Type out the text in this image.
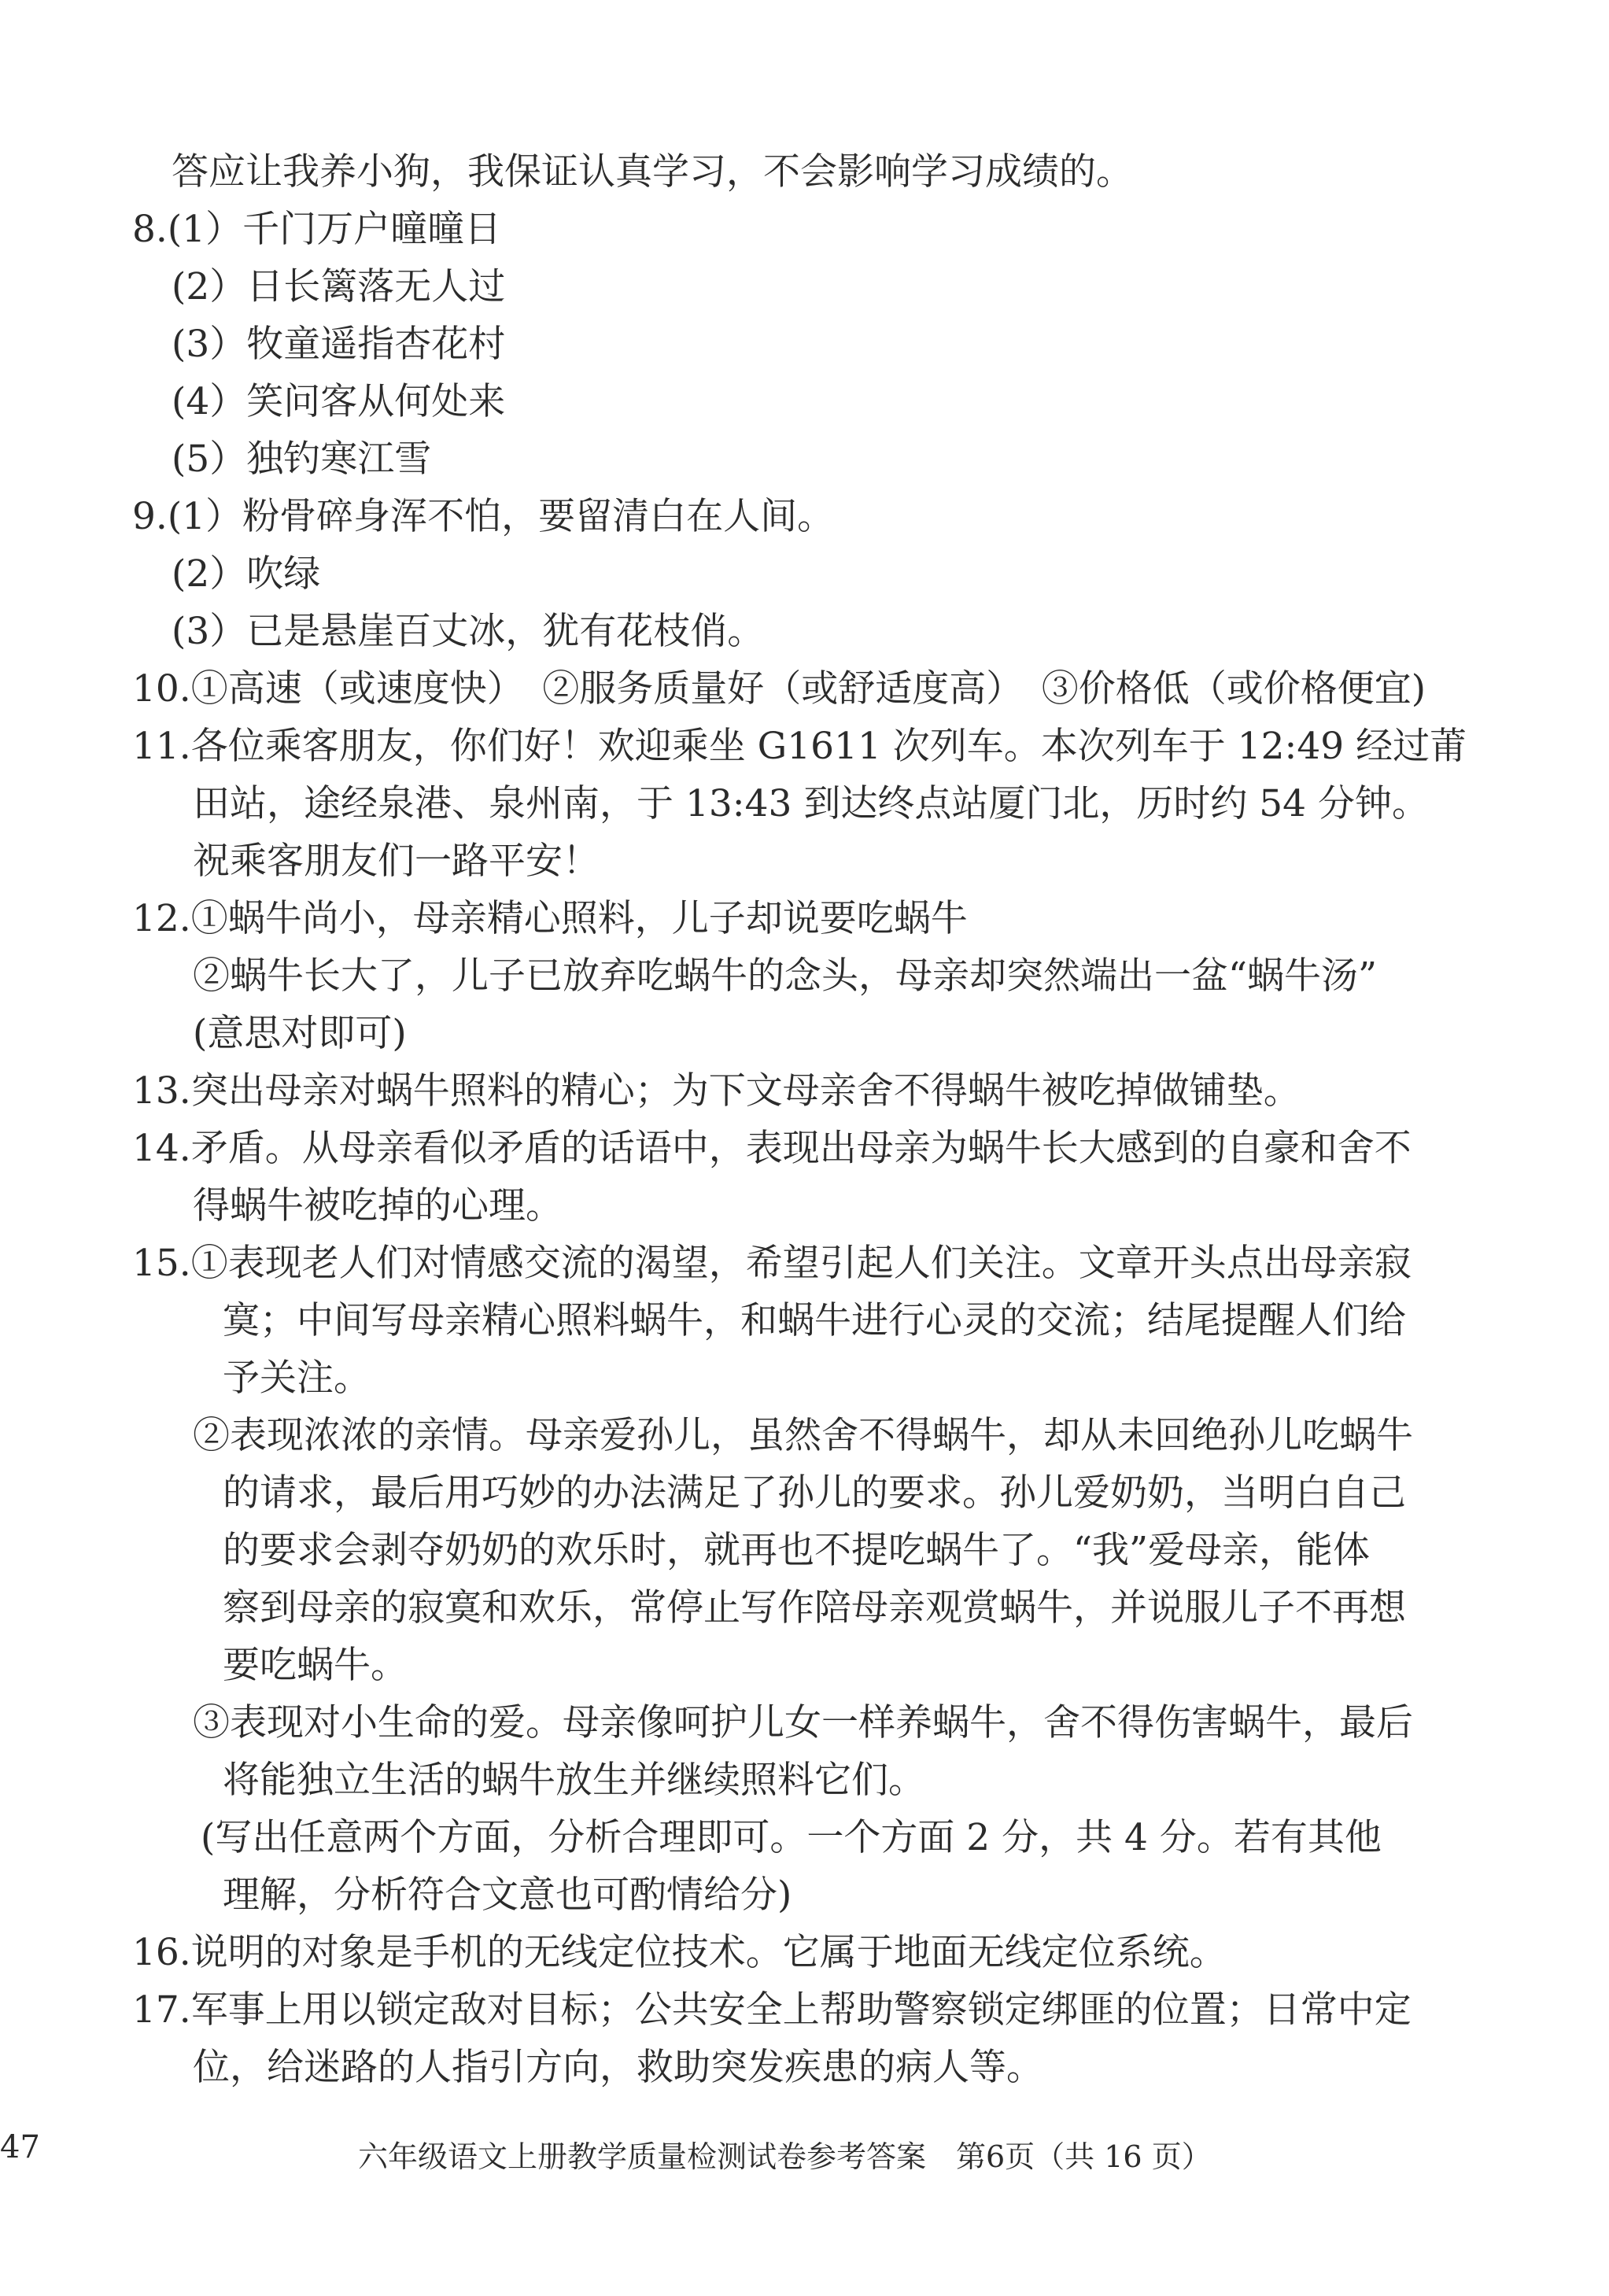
答应让我养小狗，我保证认真学习，不会影响学习成绩的。
8.(1）千门万户曈曈日
(2）日长篱落无人过
(3）牧童遥指杏花村
(4）笑问客从何处来
(5）独钓寒江雪
9.(1）粉骨碎身浑不怕，要留清白在人间。
(2）吹绿
(3）已是悬崖百丈冰，犹有花枝俏。
10.①高速（或速度快）　②服务质量好（或舒适度高）　③价格低（或价格便宜)
11.各位乘客朋友，你们好！欢迎乘坐 G1611 次列车。本次列车于 12:49 经过莆
田站，途经泉港、泉州南，于 13:43 到达终点站厦门北，历时约 54 分钟。
祝乘客朋友们一路平安！
12.①蜗牛尚小，母亲精心照料，儿子却说要吃蜗牛
②蜗牛长大了，儿子已放弃吃蜗牛的念头，母亲却突然端出一盆“蜗牛汤”
(意思对即可)
13.突出母亲对蜗牛照料的精心；为下文母亲舍不得蜗牛被吃掉做铺垫。
14.矛盾。从母亲看似矛盾的话语中，表现出母亲为蜗牛长大感到的自豪和舍不
得蜗牛被吃掉的心理。
15.①表现老人们对情感交流的渴望，希望引起人们关注。文章开头点出母亲寂
寞；中间写母亲精心照料蜗牛，和蜗牛进行心灵的交流；结尾提醒人们给
予关注。
②表现浓浓的亲情。母亲爱孙儿，虽然舍不得蜗牛，却从未回绝孙儿吃蜗牛
的请求，最后用巧妙的办法满足了孙儿的要求。孙儿爱奶奶，当明白自己
的要求会剥夺奶奶的欢乐时，就再也不提吃蜗牛了。“我”爱母亲，能体
察到母亲的寂寞和欢乐，常停止写作陪母亲观赏蜗牛，并说服儿子不再想
要吃蜗牛。
③表现对小生命的爱。母亲像呵护儿女一样养蜗牛，舍不得伤害蜗牛，最后
将能独立生活的蜗牛放生并继续照料它们。
(写出任意两个方面，分析合理即可。一个方面 2 分，共 4 分。若有其他
理解，分析符合文意也可酌情给分)
16.说明的对象是手机的无线定位技术。它属于地面无线定位系统。
17.军事上用以锁定敌对目标；公共安全上帮助警察锁定绑匪的位置；日常中定
位，给迷路的人指引方向，救助突发疾患的病人等。
六年级语文上册教学质量检测试卷参考答案　第6页（共 16 页）
47
